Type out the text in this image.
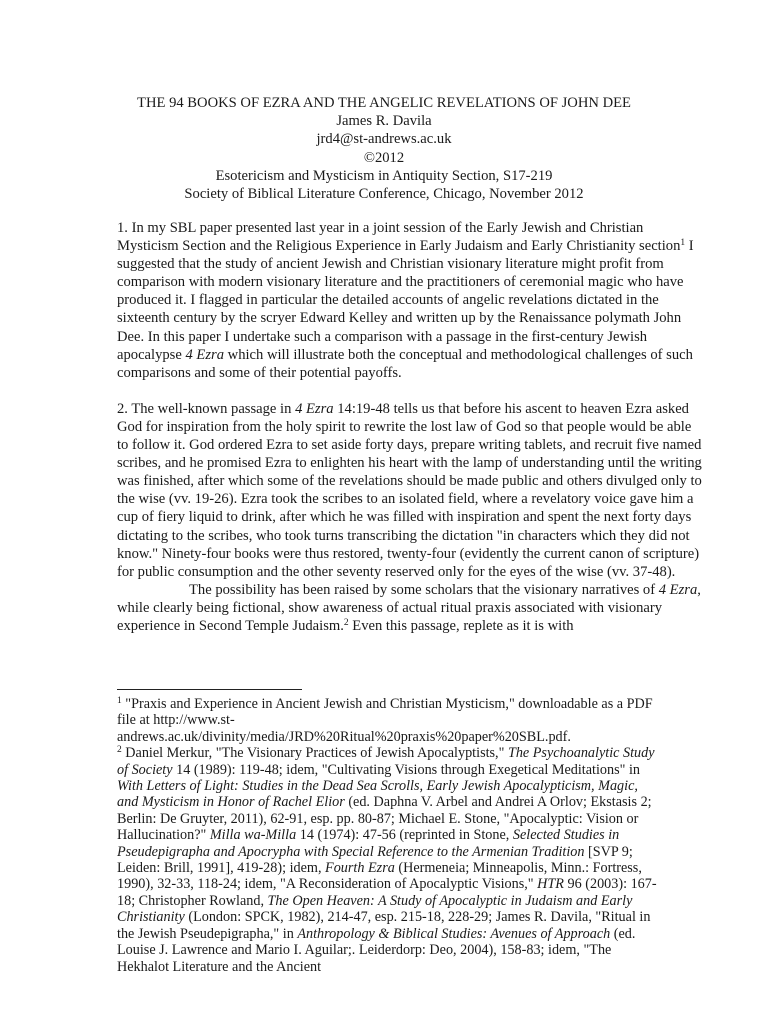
THE 94 BOOKS OF EZRA AND THE ANGELIC REVELATIONS OF JOHN DEE
James R. Davila
jrd4@st-andrews.ac.uk
©2012
Esotericism and Mysticism in Antiquity Section, S17-219
Society of Biblical Literature Conference, Chicago, November 2012

1. In my SBL paper presented last year in a joint session of the Early Jewish and Christian Mysticism Section and the Religious Experience in Early Judaism and Early Christianity section$^1$ I suggested that the study of ancient Jewish and Christian visionary literature might profit from comparison with modern visionary literature and the practitioners of ceremonial magic who have produced it. I flagged in particular the detailed accounts of angelic revelations dictated in the sixteenth century by the scryer Edward Kelley and written up by the Renaissance polymath John Dee. In this paper I undertake such a comparison with a passage in the first-century Jewish apocalypse 4 Ezra which will illustrate both the conceptual and methodological challenges of such comparisons and some of their potential payoffs.

2. The well-known passage in 4 Ezra 14:19-48 tells us that before his ascent to heaven Ezra asked God for inspiration from the holy spirit to rewrite the lost law of God so that people would be able to follow it. God ordered Ezra to set aside forty days, prepare writing tablets, and recruit five named scribes, and he promised Ezra to enlighten his heart with the lamp of understanding until the writing was finished, after which some of the revelations should be made public and others divulged only to the wise (vv. 19-26). Ezra took the scribes to an isolated field, where a revelatory voice gave him a cup of fiery liquid to drink, after which he was filled with inspiration and spent the next forty days dictating to the scribes, who took turns transcribing the dictation "in characters which they did not know." Ninety-four books were thus restored, twenty-four (evidently the current canon of scripture) for public consumption and the other seventy reserved only for the eyes of the wise (vv. 37-48).

The possibility has been raised by some scholars that the visionary narratives of 4 Ezra, while clearly being fictional, show awareness of actual ritual praxis associated with visionary experience in Second Temple Judaism.$^2$ Even this passage, replete as it is with

$^1$ "Praxis and Experience in Ancient Jewish and Christian Mysticism," downloadable as a PDF file at http://www.st-andrews.ac.uk/divinity/media/JRD%20Ritual%20praxis%20paper%20SBL.pdf.

$^2$ Daniel Merkur, "The Visionary Practices of Jewish Apocalyptists," The Psychoanalytic Study of Society 14 (1989): 119-48; idem, "Cultivating Visions through Exegetical Meditations" in With Letters of Light: Studies in the Dead Sea Scrolls, Early Jewish Apocalypticism, Magic, and Mysticism in Honor of Rachel Elior (ed. Daphna V. Arbel and Andrei A Orlov; Ekstasis 2; Berlin: De Gruyter, 2011), 62-91, esp. pp. 80-87; Michael E. Stone, "Apocalyptic: Vision or Hallucination?" Milla wa-Milla 14 (1974): 47-56 (reprinted in Stone, Selected Studies in Pseudepigrapha and Apocrypha with Special Reference to the Armenian Tradition [SVP 9; Leiden: Brill, 1991], 419-28); idem, Fourth Ezra (Hermeneia; Minneapolis, Minn.: Fortress, 1990), 32-33, 118-24; idem, "A Reconsideration of Apocalyptic Visions," HTR 96 (2003): 167-18; Christopher Rowland, The Open Heaven: A Study of Apocalyptic in Judaism and Early Christianity (London: SPCK, 1982), 214-47, esp. 215-18, 228-29; James R. Davila, "Ritual in the Jewish Pseudepigrapha," in Anthropology & Biblical Studies: Avenues of Approach (ed. Louise J. Lawrence and Mario I. Aguilar;. Leiderdorp: Deo, 2004), 158-83; idem, "The Hekhalot Literature and the Ancient
